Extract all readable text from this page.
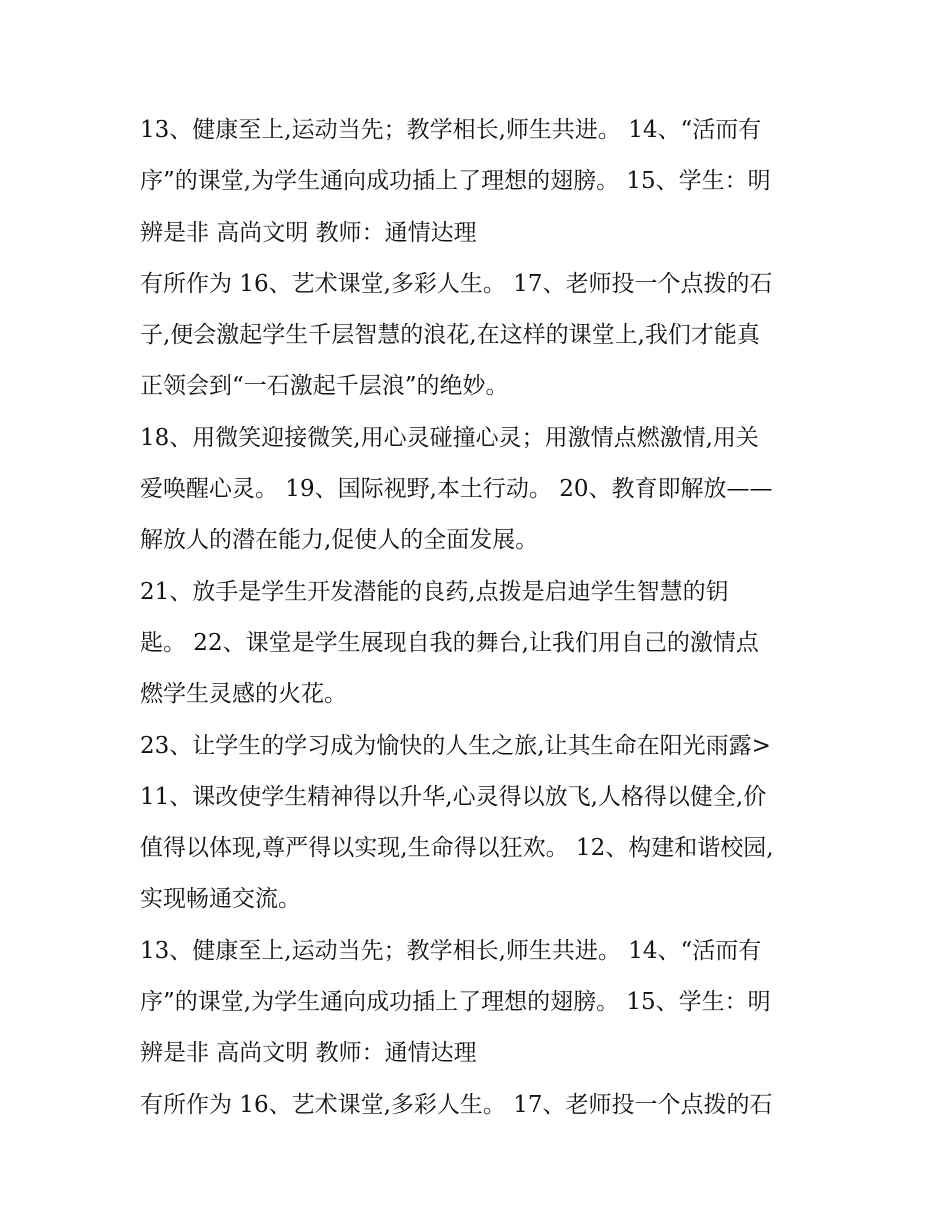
13、健康至上,运动当先；教学相长,师生共进。 14、“活而有
序”的课堂,为学生通向成功插上了理想的翅膀。 15、学生：明
辨是非 高尚文明 教师：通情达理
有所作为 16、艺术课堂,多彩人生。 17、老师投一个点拨的石
子,便会激起学生千层智慧的浪花,在这样的课堂上,我们才能真
正领会到“一石激起千层浪”的绝妙。
18、用微笑迎接微笑,用心灵碰撞心灵；用激情点燃激情,用关
爱唤醒心灵。 19、国际视野,本土行动。 20、教育即解放——
解放人的潜在能力,促使人的全面发展。
21、放手是学生开发潜能的良药,点拨是启迪学生智慧的钥
匙。 22、课堂是学生展现自我的舞台,让我们用自己的激情点
燃学生灵感的火花。
23、让学生的学习成为愉快的人生之旅,让其生命在阳光雨露>
11、课改使学生精神得以升华,心灵得以放飞,人格得以健全,价
值得以体现,尊严得以实现,生命得以狂欢。 12、构建和谐校园,
实现畅通交流。
13、健康至上,运动当先；教学相长,师生共进。 14、“活而有
序”的课堂,为学生通向成功插上了理想的翅膀。 15、学生：明
辨是非 高尚文明 教师：通情达理
有所作为 16、艺术课堂,多彩人生。 17、老师投一个点拨的石
